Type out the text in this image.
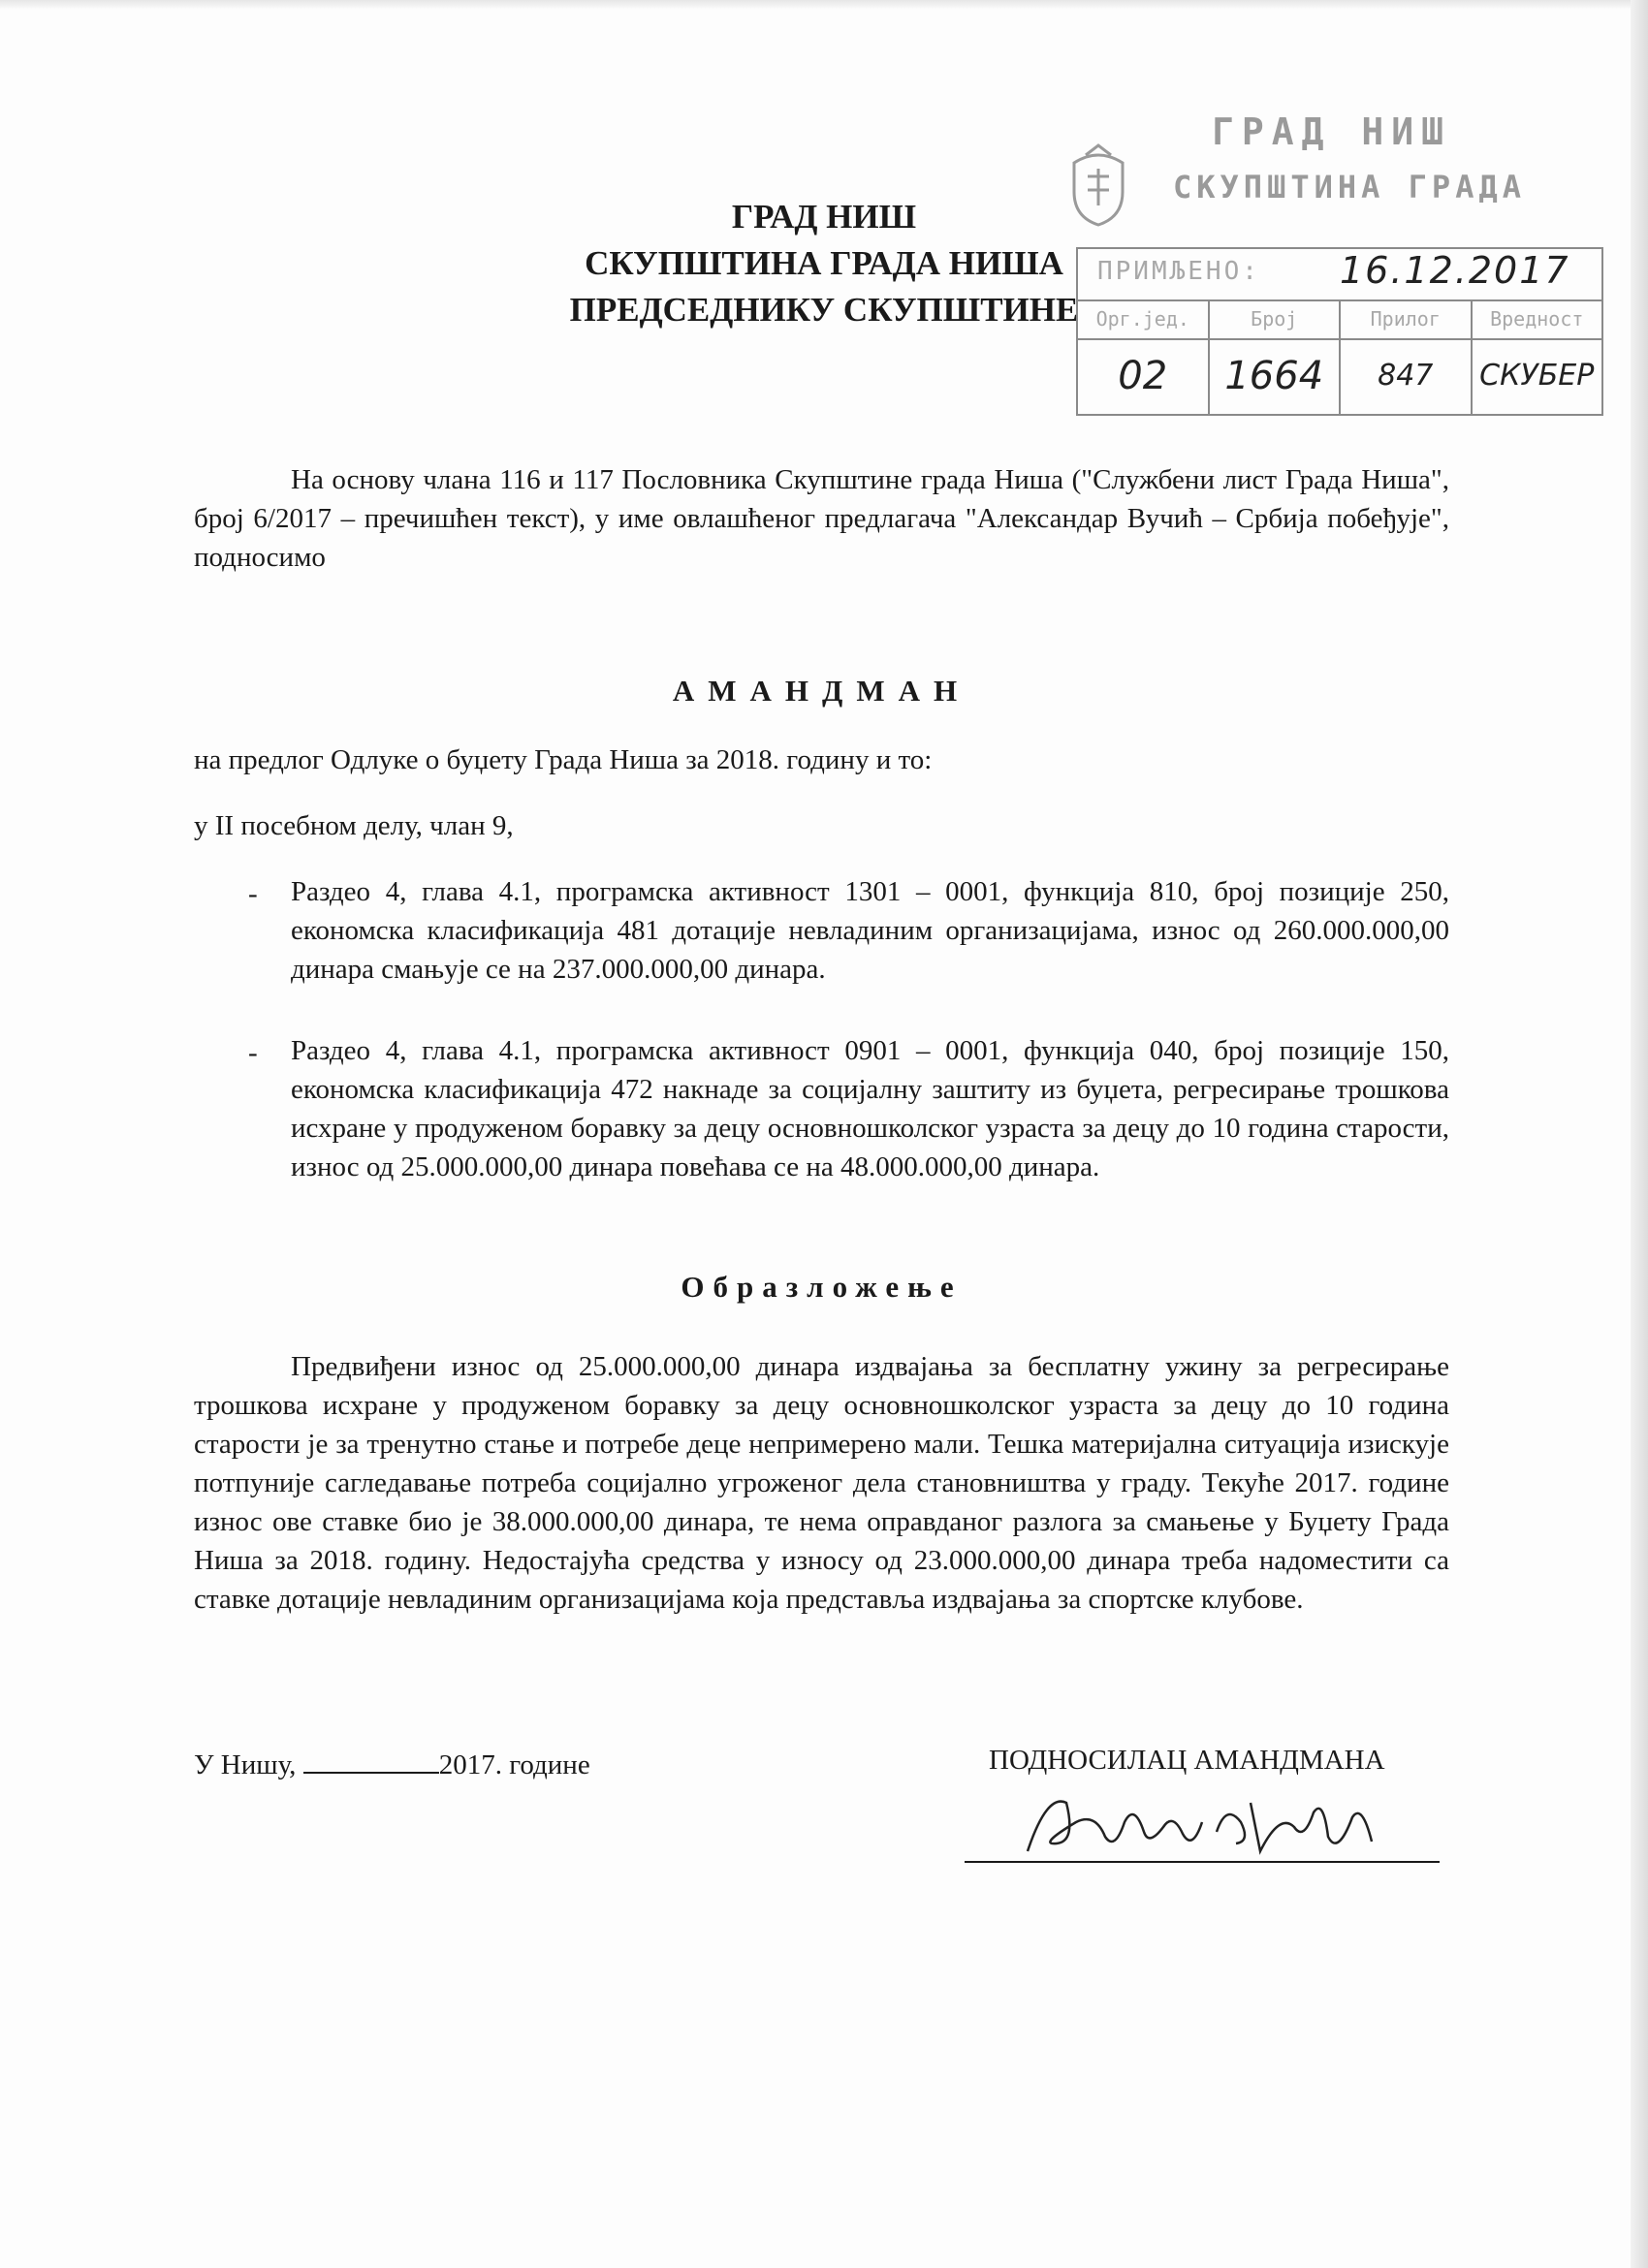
ГРАД НИШ
СКУПШТИНА ГРАДА
ГРАД НИШ
СКУПШТИНА ГРАДА НИША
ПРЕДСЕДНИКУ СКУПШТИНЕ
ПРИМЉЕНО: 16.12.2017
Орг.јед.
02
Број
1664
Прилог
847
Вредност
СКУБЕР
На основу члана 116 и 117 Пословника Скупштине града Ниша ("Службени лист Града Ниша", број 6/2017 – пречишћен текст), у име овлашћеног предлагача "Александар Вучић – Србија побеђује", подносимо
АМАНДМАН
на предлог Одлуке о буџету Града Ниша за 2018. годину и то:
у II посебном делу, члан 9,
- Раздео 4, глава 4.1, програмска активност 1301 – 0001, функција 810, број позиције 250, економска класификација 481 дотације невладиним организацијама, износ од 260.000.000,00 динара смањује се на 237.000.000,00 динара.
- Раздео 4, глава 4.1, програмска активност 0901 – 0001, функција 040, број позиције 150, економска класификација 472 накнаде за социјалну заштиту из буџета, регресирање трошкова исхране у продуженом боравку за децу основношколског узраста за децу до 10 година старости, износ од 25.000.000,00 динара повећава се на 48.000.000,00 динара.
Образложење
Предвиђени износ од 25.000.000,00 динара издвајања за бесплатну ужину за регресирање трошкова исхране у продуженом боравку за децу основношколског узраста за децу до 10 година старости је за тренутно стање и потребе деце непримерено мали. Тешка материјална ситуација изискује потпуније сагледавање потреба социјално угроженог дела становништва у граду. Текуће 2017. године износ ове ставке био је 38.000.000,00 динара, те нема оправданог разлога за смањење у Буџету Града Ниша за 2018. годину. Недостајућа средства у износу од 23.000.000,00 динара треба надоместити са ставке дотације невладиним организацијама која представља издвајања за спортске клубове.
У Нишу,	2017. године	ПОДНОСИЛАЦ АМАНДМАНА
